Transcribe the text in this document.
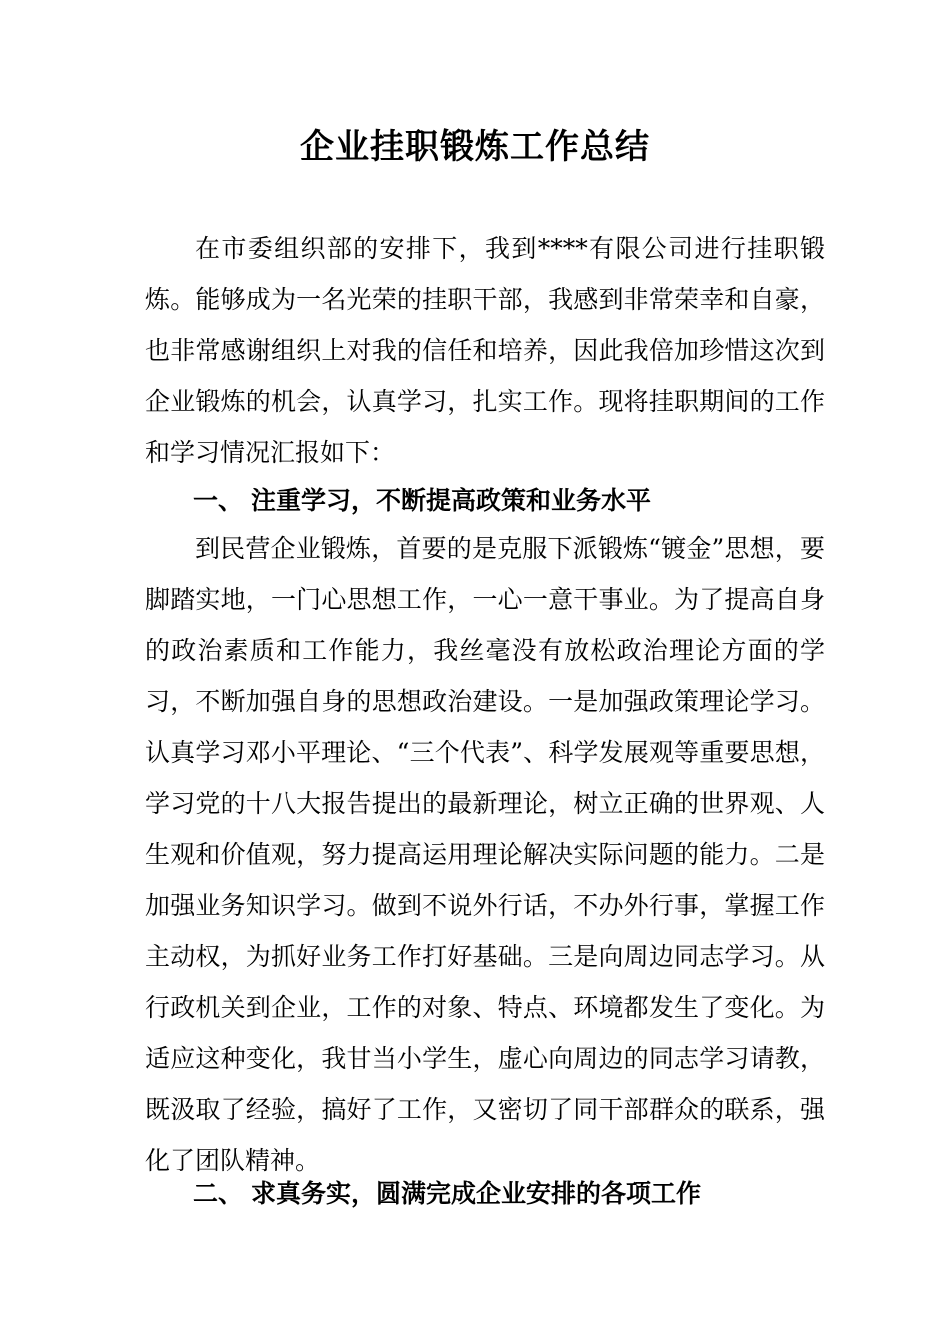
企业挂职锻炼工作总结

在市委组织部的安排下，我到****有限公司进行挂职锻炼。能够成为一名光荣的挂职干部，我感到非常荣幸和自豪，也非常感谢组织上对我的信任和培养，因此我倍加珍惜这次到企业锻炼的机会，认真学习，扎实工作。现将挂职期间的工作和学习情况汇报如下：

一、 注重学习，不断提高政策和业务水平

到民营企业锻炼，首要的是克服下派锻炼“镀金”思想，要脚踏实地，一门心思想工作，一心一意干事业。为了提高自身的政治素质和工作能力，我丝毫没有放松政治理论方面的学习，不断加强自身的思想政治建设。一是加强政策理论学习。认真学习邓小平理论、“三个代表”、科学发展观等重要思想，学习党的十八大报告提出的最新理论，树立正确的世界观、人生观和价值观，努力提高运用理论解决实际问题的能力。二是加强业务知识学习。做到不说外行话，不办外行事，掌握工作主动权，为抓好业务工作打好基础。三是向周边同志学习。从行政机关到企业，工作的对象、特点、环境都发生了变化。为适应这种变化，我甘当小学生，虚心向周边的同志学习请教，既汲取了经验，搞好了工作，又密切了同干部群众的联系，强化了团队精神。

二、 求真务实，圆满完成企业安排的各项工作
